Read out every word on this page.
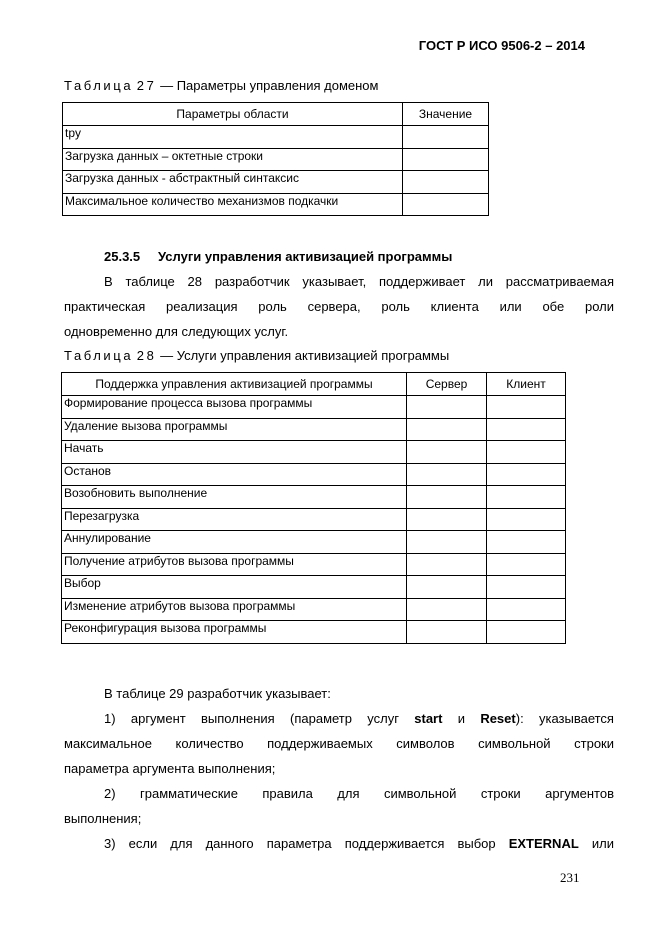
ГОСТ Р ИСО 9506-2 – 2014
Таблица 27 — Параметры управления доменом
Параметры области	Значение
tpy	
Загрузка данных – октетные строки	
Загрузка данных - абстрактный синтаксис	
Максимальное количество механизмов подкачки	
25.3.5 Услуги управления активизацией программы
В таблице 28 разработчик указывает, поддерживает ли рассматриваемая
практическая реализация роль сервера, роль клиента или обе роли
одновременно для следующих услуг.
Таблица 28 — Услуги управления активизацией программы
Поддержка управления активизацией программы	Сервер	Клиент
Формирование процесса вызова программы		
Удаление вызова программы		
Начать		
Останов		
Возобновить выполнение		
Перезагрузка		
Аннулирование		
Получение атрибутов вызова программы		
Выбор		
Изменение атрибутов вызова программы		
Реконфигурация вызова программы		
В таблице 29 разработчик указывает:
1) аргумент выполнения (параметр услуг start и Reset): указывается
максимальное количество поддерживаемых символов символьной строки
параметра аргумента выполнения;
2) грамматические правила для символьной строки аргументов
выполнения;
3) если для данного параметра поддерживается выбор EXTERNAL или
231
